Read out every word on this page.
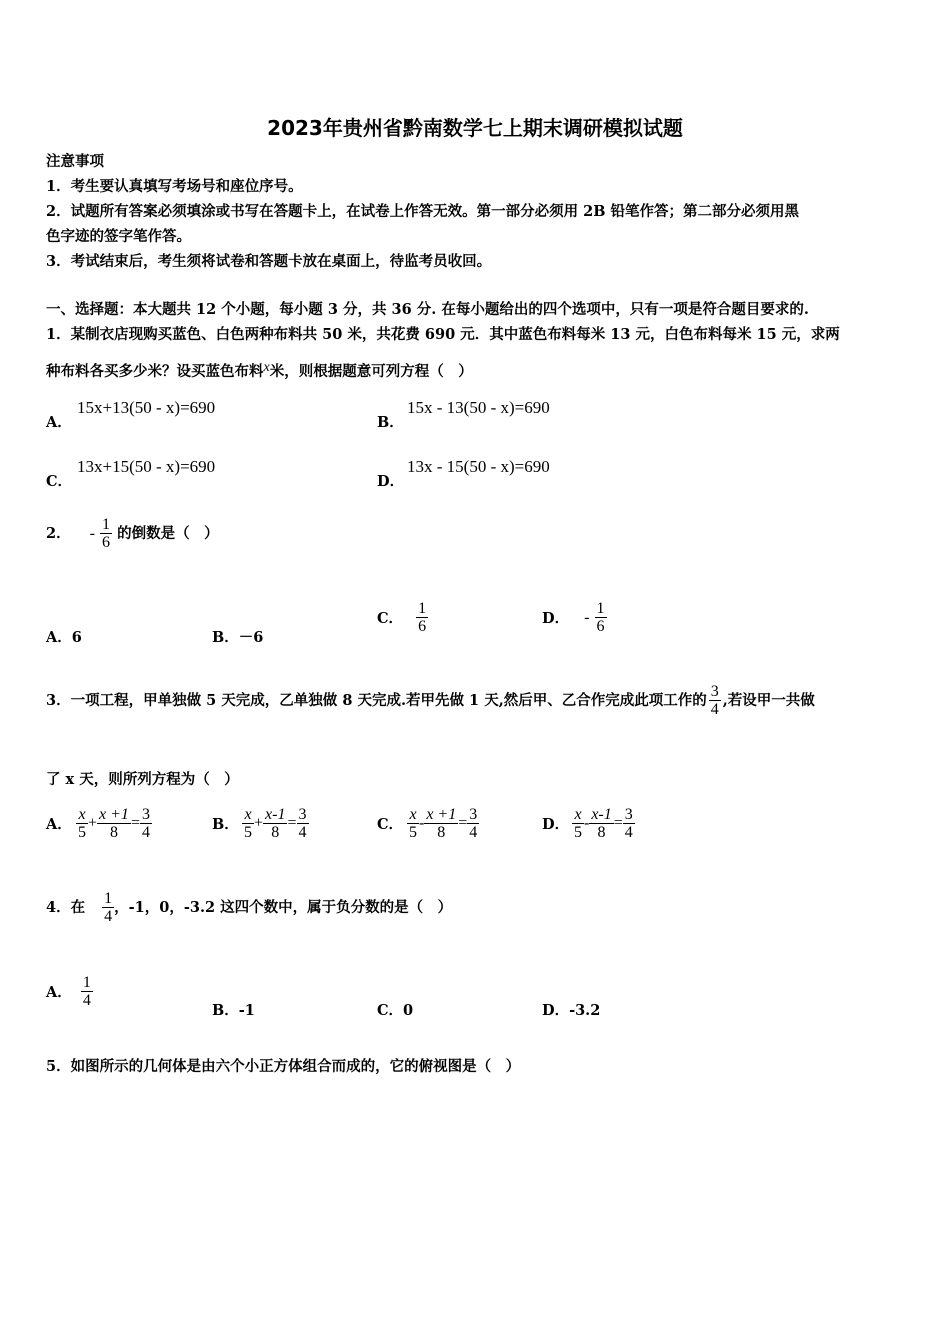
2023年贵州省黔南数学七上期末调研模拟试题
注意事项
1．考生要认真填写考场号和座位序号。
2．试题所有答案必须填涂或书写在答题卡上，在试卷上作答无效。第一部分必须用 2B 铅笔作答；第二部分必须用黑
色字迹的签字笔作答。
3．考试结束后，考生须将试卷和答题卡放在桌面上，待监考员收回。
一、选择题：本大题共 12 个小题，每小题 3 分，共 36 分. 在每小题给出的四个选项中，只有一项是符合题目要求的.
1．某制衣店现购买蓝色、白色两种布料共 50 米，共花费 690 元．其中蓝色布料每米 13 元，白色布料每米 15 元，求两
种布料各买多少米？设买蓝色布料x米，则根据题意可列方程（　）
A．
15x+13(50 - x)=690
B．
15x - 13(50 - x)=690
C．
13x+15(50 - x)=690
D．
13x - 15(50 - x)=690
2． - $\frac{1}{6}$ 的倒数是（　）
A．6	B．－6
C． $\frac{1}{6}$	D． - $\frac{1}{6}$
3．一项工程，甲单独做 5 天完成，乙单独做 8 天完成.若甲先做 1 天,然后甲、乙合作完成此项工作的 $\frac{3}{4}$ ,若设甲一共做
了 x 天，则所列方程为（　）
A． $\frac{x}{5} + \frac{x +1}{8} = \frac{3}{4}$	B． $\frac{x}{5} + \frac{x-1}{8} = \frac{3}{4}$	C． $\frac{x}{5} - \frac{x +1}{8} = \frac{3}{4}$	D． $\frac{x}{5} - \frac{x-1}{8} = \frac{3}{4}$
4．在 $\frac{1}{4}$ ，-1，0，-3.2 这四个数中，属于负分数的是（　）
A． $\frac{1}{4}$
B．-1	C．0	D．-3.2
5．如图所示的几何体是由六个小正方体组合而成的，它的俯视图是（　）
